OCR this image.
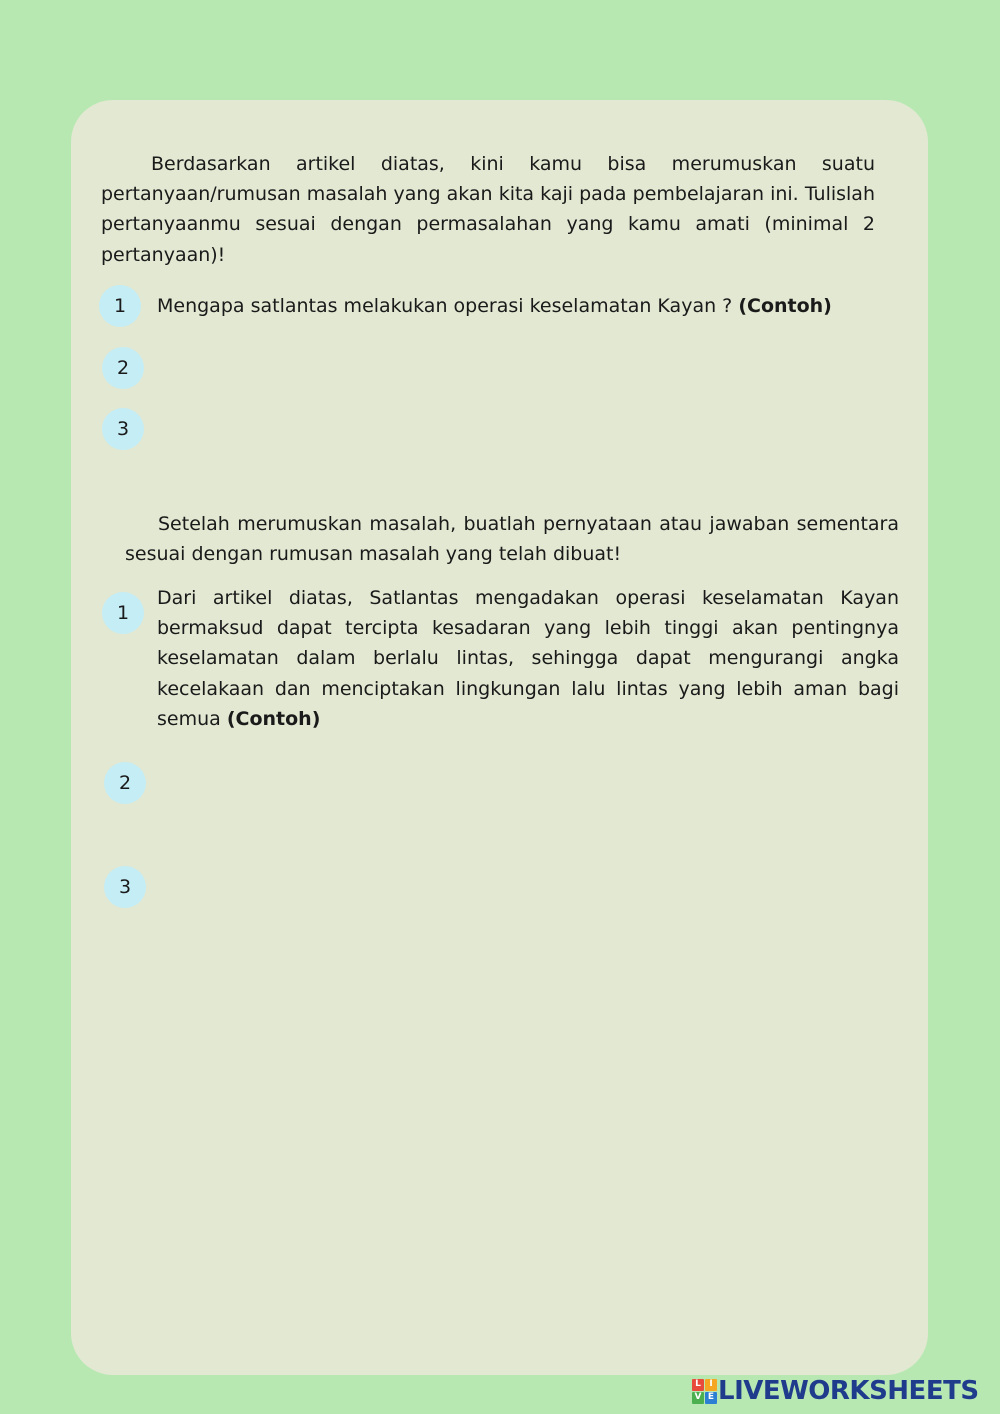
Berdasarkan artikel diatas, kini kamu bisa merumuskan suatu pertanyaan/rumusan masalah yang akan kita kaji pada pembelajaran ini. Tulislah pertanyaanmu sesuai dengan permasalahan yang kamu amati (minimal 2 pertanyaan)!

1	Mengapa satlantas melakukan operasi keselamatan Kayan ? (Contoh)
2
3

Setelah merumuskan masalah, buatlah pernyataan atau jawaban sementara sesuai dengan rumusan masalah yang telah dibuat!

1

Dari artikel diatas, Satlantas mengadakan operasi keselamatan Kayan bermaksud dapat tercipta kesadaran yang lebih tinggi akan pentingnya keselamatan dalam berlalu lintas, sehingga dapat mengurangi angka kecelakaan dan menciptakan lingkungan lalu lintas yang lebih aman bagi semua (Contoh)

2
3
L I
V E LIVEWORKSHEETS
